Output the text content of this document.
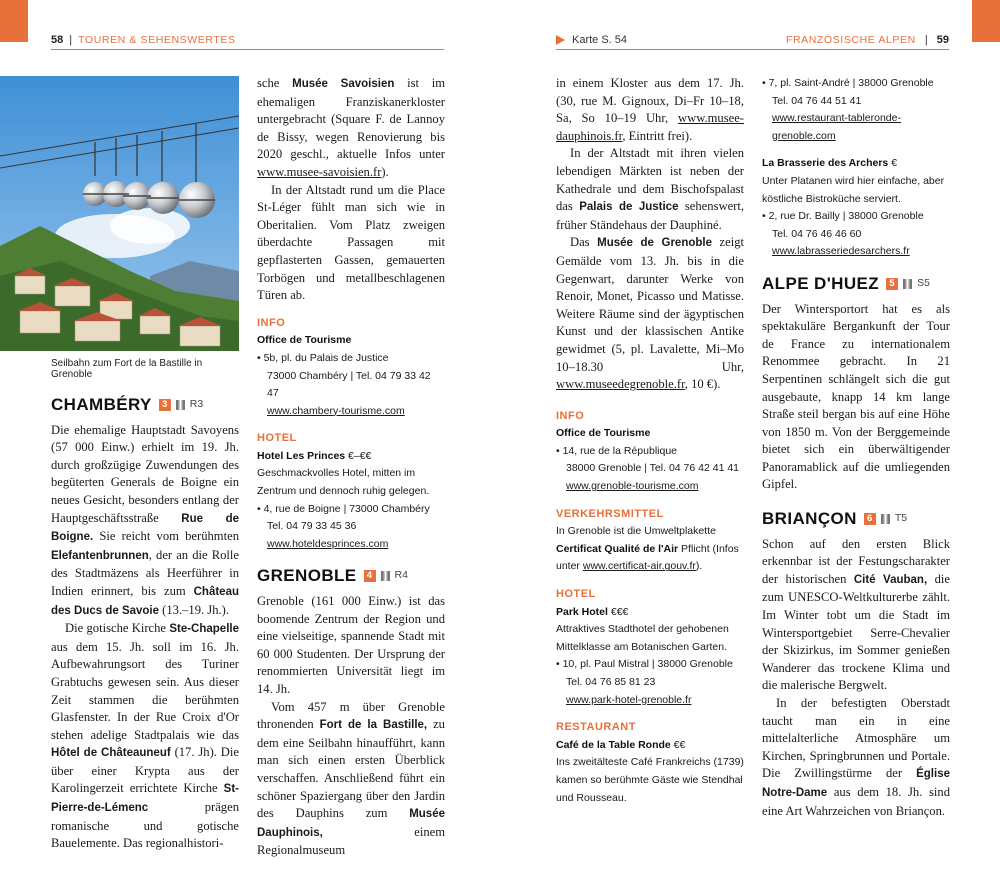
58 | TOUREN & SEHENSWERTES	Karte S. 54	FRANZÖSISCHE ALPEN | 59
Seilbahn zum Fort de la Bastille in Grenoble
CHAMBÉRY	3	R3

Die ehemalige Hauptstadt Savoyens (57 000 Einw.) erhielt im 19. Jh. durch großzügige Zuwendungen des begüterten Generals de Boigne ein neues Gesicht, besonders entlang der Hauptgeschäftsstraße Rue de Boigne. Sie reicht vom berühmten Elefantenbrunnen, der an die Rolle des Stadtmäzens als Heerführer in Indien erinnert, bis zum Château des Ducs de Savoie (13.–19. Jh.).

Die gotische Kirche Ste-Chapelle aus dem 15. Jh. soll im 16. Jh. Aufbewahrungsort des Turiner Grabtuchs gewesen sein. Aus dieser Zeit stammen die berühmten Glasfenster. In der Rue Croix d'Or stehen adelige Stadtpalais wie das Hôtel de Châteauneuf (17. Jh). Die über einer Krypta aus der Karolingerzeit errichtete Kirche St-Pierre-de-Lémenc prägen romanische und gotische Bauelemente. Das regionalhistori-

sche Musée Savoisien ist im ehemaligen Franziskanerkloster untergebracht (Square F. de Lannoy de Bissy, wegen Renovierung bis 2020 geschl., aktuelle Infos unter www.musee-savoisien.fr).

In der Altstadt rund um die Place St-Léger fühlt man sich wie in Oberitalien. Vom Platz zweigen überdachte Passagen mit gepflasterten Gassen, gemauerten Torbögen und metallbeschlagenen Türen ab.

INFO
Office de Tourisme
• 5b, pl. du Palais de Justice
73000 Chambéry | Tel. 04 79 33 42 47
www.chambery-tourisme.com
HOTEL
Hotel Les Princes €–€€
Geschmackvolles Hotel, mitten im Zentrum und dennoch ruhig gelegen.
• 4, rue de Boigne | 73000 Chambéry
Tel. 04 79 33 45 36
www.hoteldesprinces.com
GRENOBLE	4	R4

Grenoble (161 000 Einw.) ist das boomende Zentrum der Region und eine vielseitige, spannende Stadt mit 60 000 Studenten. Der Ursprung der renommierten Universität liegt im 14. Jh.

Vom 457 m über Grenoble thronenden Fort de la Bastille, zu dem eine Seilbahn hinaufführt, kann man sich einen ersten Überblick verschaffen. Anschließend führt ein schöner Spaziergang über den Jardin des Dauphins zum Musée Dauphinois, einem Regionalmuseum

in einem Kloster aus dem 17. Jh. (30, rue M. Gignoux, Di–Fr 10–18, Sa, So 10–19 Uhr, www.musee-dauphinois.fr, Eintritt frei).

In der Altstadt mit ihren vielen lebendigen Märkten ist neben der Kathedrale und dem Bischofspalast das Palais de Justice sehenswert, früher Ständehaus der Dauphiné.

Das Musée de Grenoble zeigt Gemälde vom 13. Jh. bis in die Gegenwart, darunter Werke von Renoir, Monet, Picasso und Matisse. Weitere Räume sind der ägyptischen Kunst und der klassischen Antike gewidmet (5, pl. Lavalette, Mi–Mo 10–18.30 Uhr, www.museedegrenoble.fr, 10 €).

INFO
Office de Tourisme
• 14, rue de la République
38000 Grenoble | Tel. 04 76 42 41 41
www.grenoble-tourisme.com
VERKEHRSMITTEL
In Grenoble ist die Umweltplakette Certificat Qualité de l'Air Pflicht (Infos unter www.certificat-air.gouv.fr).
HOTEL
Park Hotel €€€
Attraktives Stadthotel der gehobenen Mittelklasse am Botanischen Garten.
• 10, pl. Paul Mistral | 38000 Grenoble
Tel. 04 76 85 81 23
www.park-hotel-grenoble.fr
RESTAURANT
Café de la Table Ronde €€
Ins zweitälteste Café Frankreichs (1739) kamen so berühmte Gäste wie Stendhal und Rousseau.
• 7, pl. Saint-André | 38000 Grenoble
Tel. 04 76 44 51 41
www.restaurant-tableronde-grenoble.com
La Brasserie des Archers €
Unter Platanen wird hier einfache, aber köstliche Bistroküche serviert.
• 2, rue Dr. Bailly | 38000 Grenoble
Tel. 04 76 46 46 60
www.labrasseriedesarchers.fr
ALPE D'HUEZ	5	S5

Der Wintersportort hat es als spektakuläre Bergankunft der Tour de France zu internationalem Renommee gebracht. In 21 Serpentinen schlängelt sich die gut ausgebaute, knapp 14 km lange Straße steil bergan bis auf eine Höhe von 1850 m. Von der Berggemeinde bietet sich ein überwältigender Panoramablick auf die umliegenden Gipfel.

BRIANÇON	6	T5

Schon auf den ersten Blick erkennbar ist der Festungscharakter der historischen Cité Vauban, die zum UNESCO-Weltkulturerbe zählt. Im Winter tobt um die Stadt im Wintersportgebiet Serre-Chevalier der Skizirkus, im Sommer genießen Wanderer das trockene Klima und die malerische Bergwelt.

In der befestigten Oberstadt taucht man ein in eine mittelalterliche Atmosphäre um Kirchen, Springbrunnen und Portale. Die Zwillingstürme der Église Notre-Dame aus dem 18. Jh. sind eine Art Wahrzeichen von Briançon.
